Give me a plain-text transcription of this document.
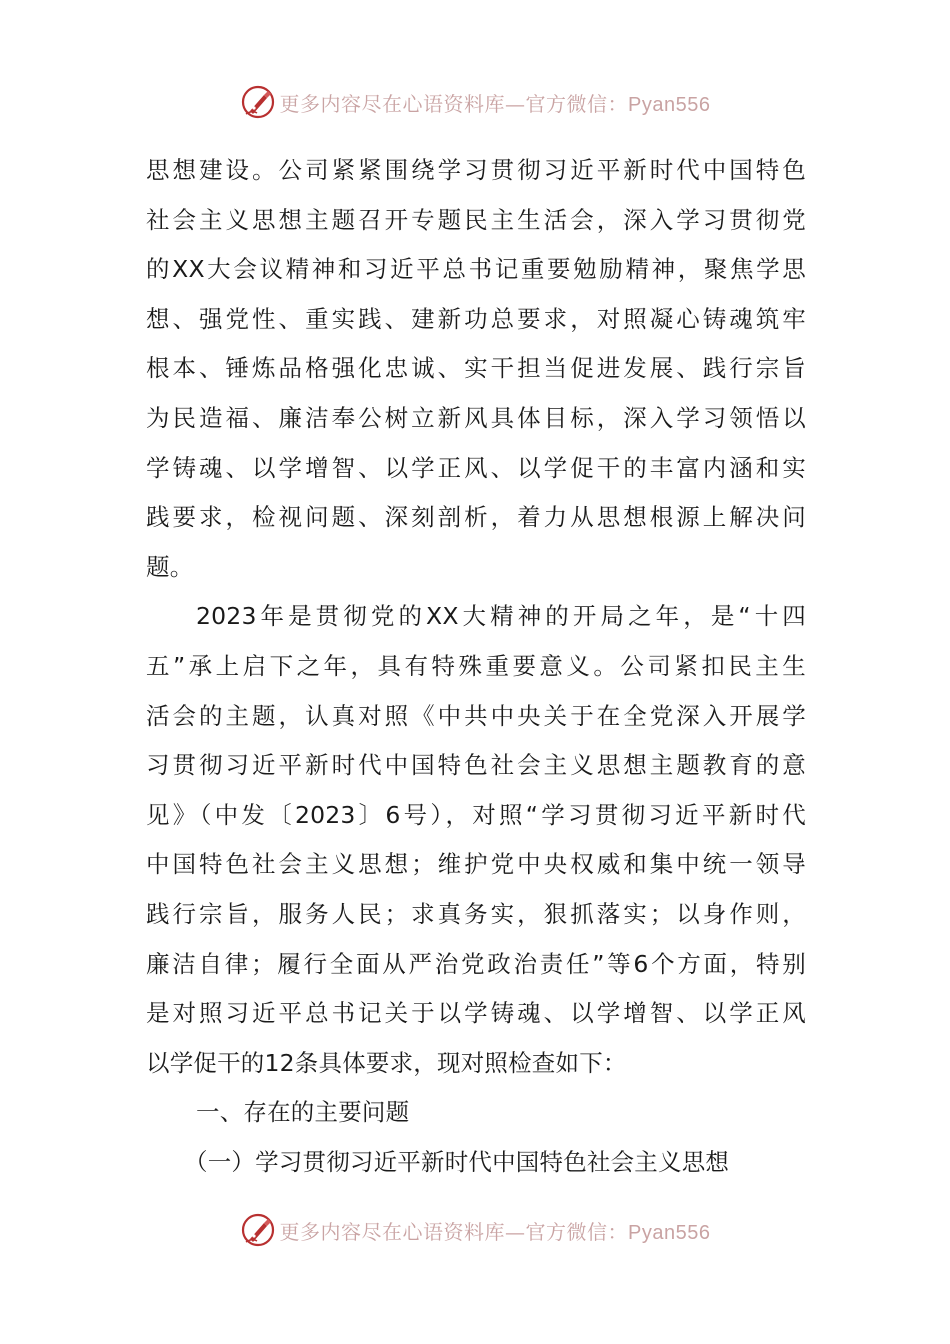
更多内容尽在心语资料库—官方微信：Pyan556
思想建设。公司紧紧围绕学习贯彻习近平新时代中国特色
社会主义思想主题召开专题民主生活会，深入学习贯彻党
的XX大会议精神和习近平总书记重要勉励精神，聚焦学思
想、强党性、重实践、建新功总要求，对照凝心铸魂筑牢
根本、锤炼品格强化忠诚、实干担当促进发展、践行宗旨
为民造福、廉洁奉公树立新风具体目标，深入学习领悟以
学铸魂、以学增智、以学正风、以学促干的丰富内涵和实
践要求，检视问题、深刻剖析，着力从思想根源上解决问
题。
2023年是贯彻党的XX大精神的开局之年，是“十四
五”承上启下之年，具有特殊重要意义。公司紧扣民主生
活会的主题，认真对照《中共中央关于在全党深入开展学
习贯彻习近平新时代中国特色社会主义思想主题教育的意
见》（中发〔2023〕6号），对照“学习贯彻习近平新时代
中国特色社会主义思想；维护党中央权威和集中统一领导
践行宗旨，服务人民；求真务实，狠抓落实；以身作则，
廉洁自律；履行全面从严治党政治责任”等6个方面，特别
是对照习近平总书记关于以学铸魂、以学增智、以学正风
以学促干的12条具体要求，现对照检查如下：
一、存在的主要问题
（一）学习贯彻习近平新时代中国特色社会主义思想
更多内容尽在心语资料库—官方微信：Pyan556
